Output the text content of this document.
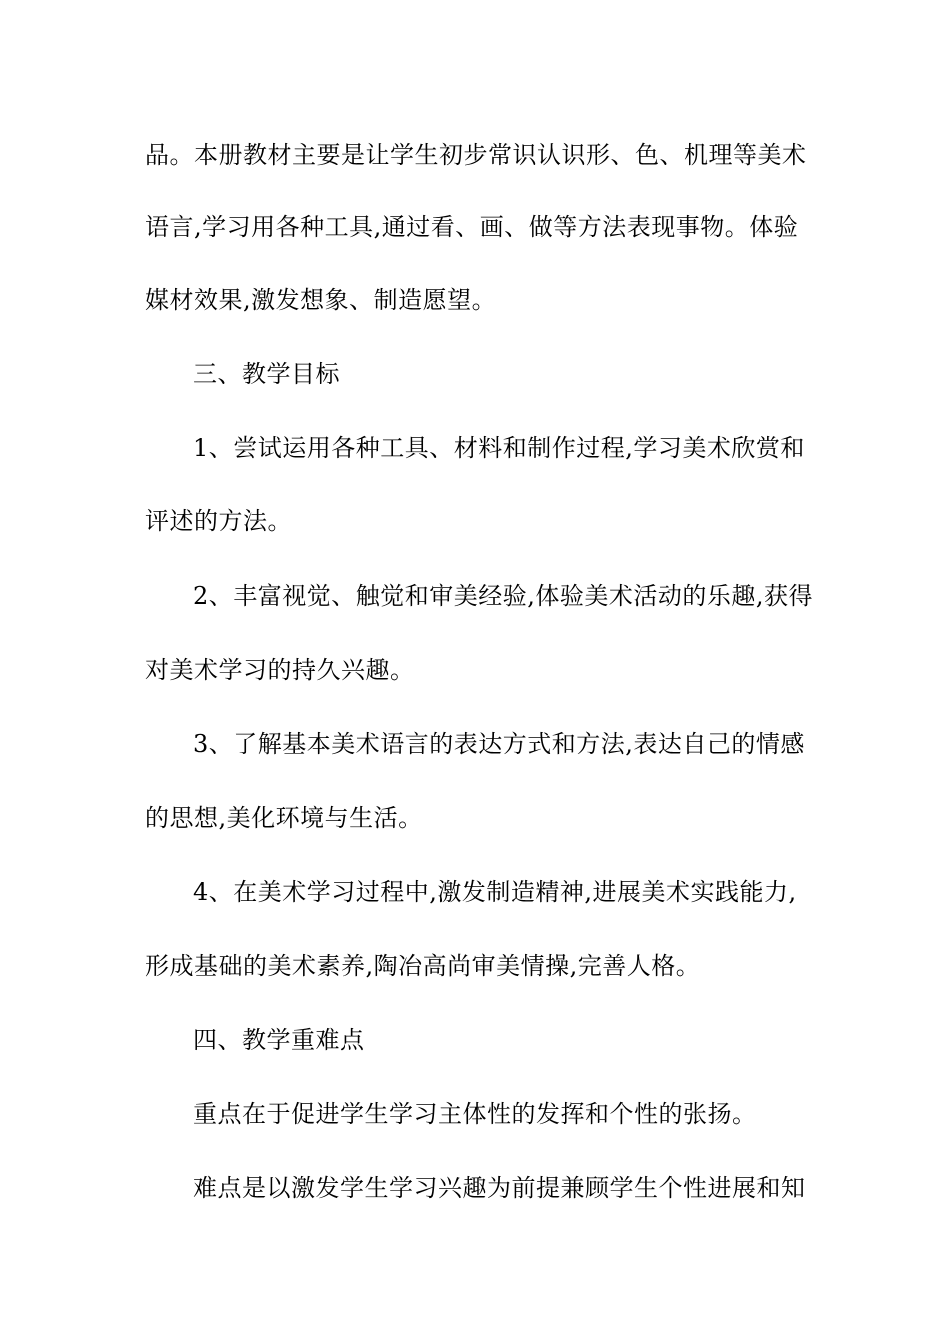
品。本册教材主要是让学生初步常识认识形、色、机理等美术
语言,学习用各种工具,通过看、画、做等方法表现事物。体验
媒材效果,激发想象、制造愿望。
三、教学目标
1、尝试运用各种工具、材料和制作过程,学习美术欣赏和
评述的方法。
2、丰富视觉、触觉和审美经验,体验美术活动的乐趣,获得
对美术学习的持久兴趣。
3、了解基本美术语言的表达方式和方法,表达自己的情感
的思想,美化环境与生活。
4、在美术学习过程中,激发制造精神,进展美术实践能力,
形成基础的美术素养,陶冶高尚审美情操,完善人格。
四、教学重难点
重点在于促进学生学习主体性的发挥和个性的张扬。
难点是以激发学生学习兴趣为前提兼顾学生个性进展和知
